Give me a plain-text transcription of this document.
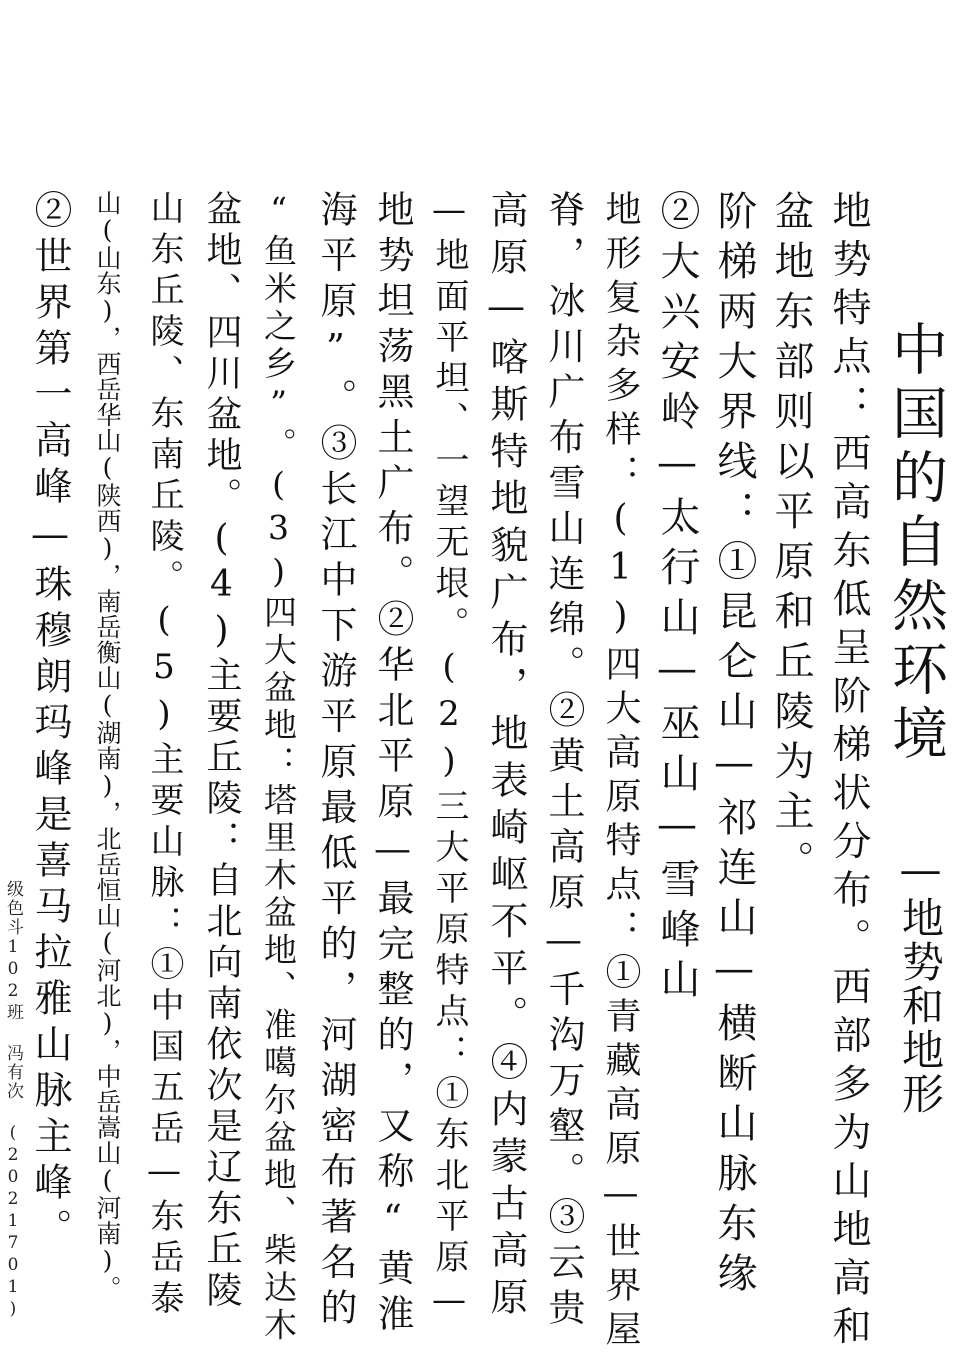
中国的自然环境
—地势和地形
地势特点：西高东低呈阶梯状分布。西部多为山地高和
盆地东部则以平原和丘陵为主。
阶梯两大界线：①昆仑山—祁连山—横断山脉东缘
②大兴安岭—太行山—巫山—雪峰山
地形复杂多样：(1)四大高原特点：①青藏高原—世界屋
脊，冰川广布雪山连绵。②黄土高原—千沟万壑。③云贵
高原—喀斯特地貌广布，地表崎岖不平。④内蒙古高原
—地面平坦、一望无垠。(2)三大平原特点：①东北平原—
地势坦荡黑土广布。②华北平原—最完整的，又称“黄淮
海平原”。③长江中下游平原最低平的，河湖密布著名的
“鱼米之乡”。(3)四大盆地：塔里木盆地、准噶尔盆地、柴达木
盆地、四川盆地。(4)主要丘陵：自北向南依次是辽东丘陵
山东丘陵、东南丘陵。(5)主要山脉：①中国五岳—东岳泰
山(山东)，西岳华山(陕西)，南岳衡山(湖南)，北岳恒山(河北)，中岳嵩山(河南)。
②世界第一高峰—珠穆朗玛峰是喜马拉雅山脉主峰。
级色斗102班 冯有次 (2021701)
